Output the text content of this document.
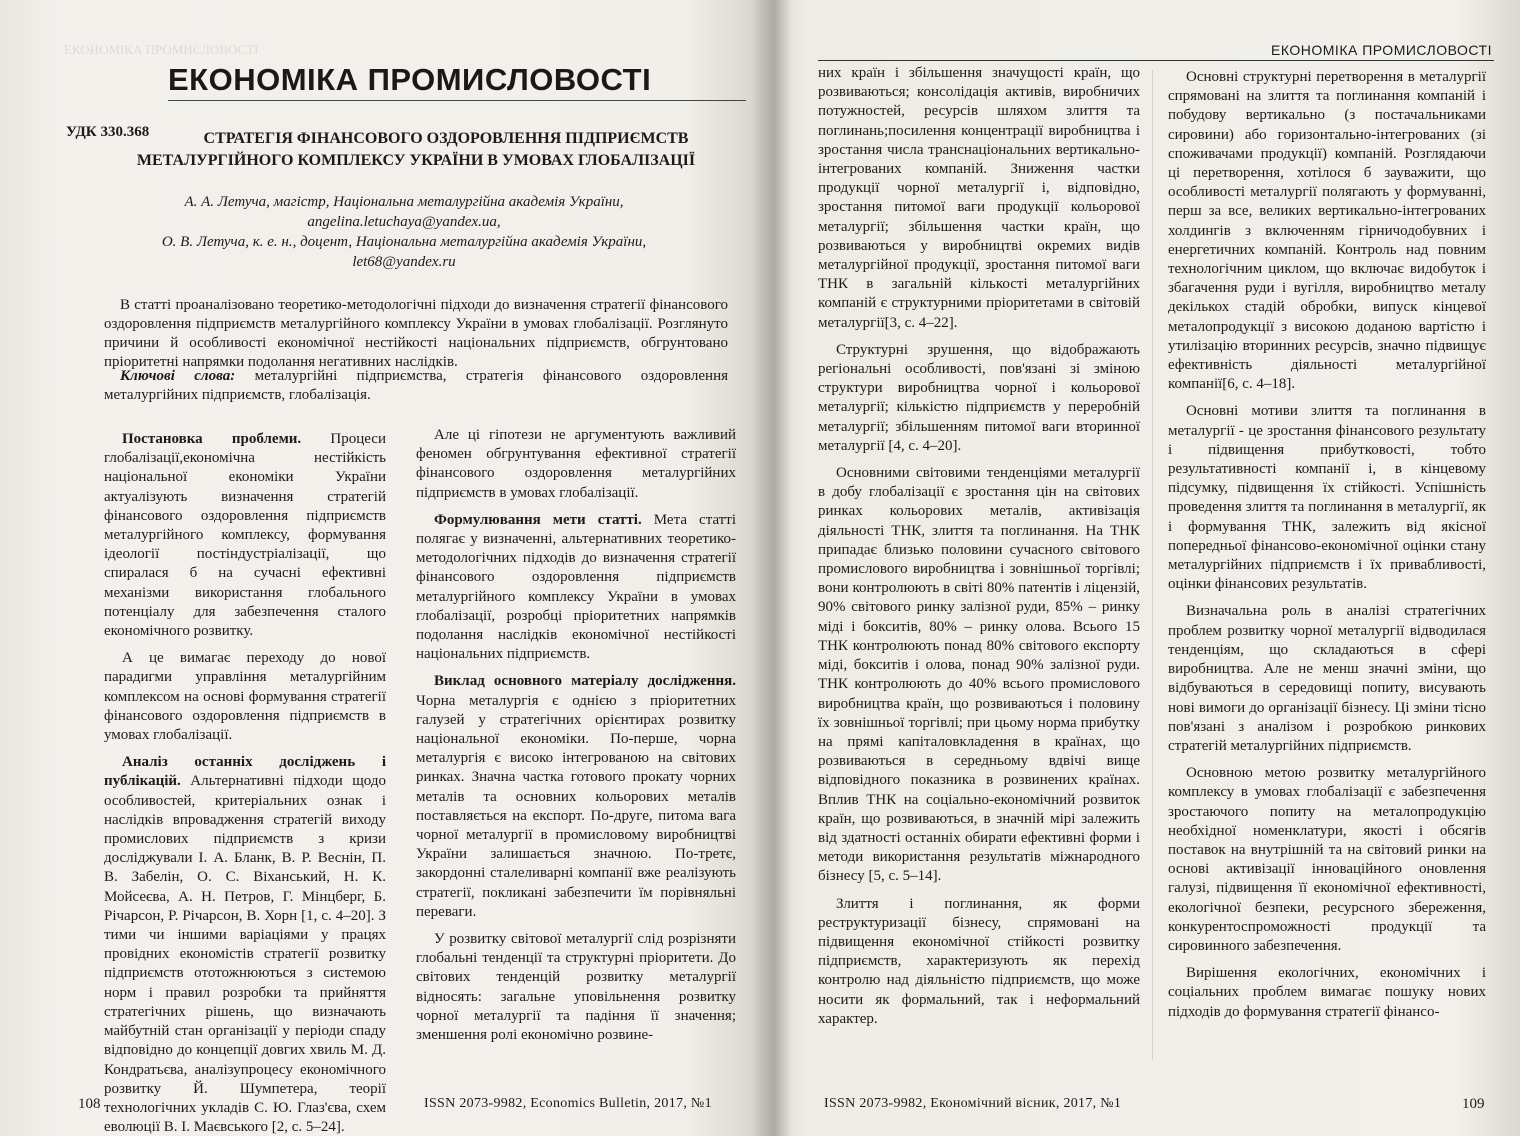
ЕКОНОМІКА ПРОМИСЛОВОСТІ
ЕКОНОМІКА ПРОМИСЛОВОСТІ
УДК 330.368	СТРАТЕГІЯ ФІНАНСОВОГО ОЗДОРОВЛЕННЯ ПІДПРИЄМСТВ
МЕТАЛУРГІЙНОГО КОМПЛЕКСУ УКРАЇНИ В УМОВАХ ГЛОБАЛІЗАЦІЇ
А. А. Летуча, магістр, Національна металургійна академія України,
angelina.letuchaya@yandex.ua,
О. В. Летуча, к. е. н., доцент, Національна металургійна академія України,
let68@yandex.ru
В статті проаналізовано теоретико-методологічні підходи до визначення стратегії фінансового оздоровлення підприємств металургійного комплексу України в умовах глобалізації. Розглянуто причини й особливості економічної нестійкості національних підприємств, обгрунтовано пріоритетні напрямки подолання негативних наслідків.
Ключові слова: металургійні підприємства, стратегія фінансового оздоровлення металургійних підприємств, глобалізація.

Постановка проблеми. Процеси глобалізації,економічна нестійкість національної економіки України актуалізують визначення стратегій фінансового оздоровлення підприємств металургійного комплексу, формування ідеології постіндустріалізації, що спиралася б на сучасні ефективні механізми використання глобального потенціалу для забезпечення сталого економічного розвитку.

А це вимагає переходу до нової парадигми управління металургійним комплексом на основі формування стратегії фінансового оздоровлення підприємств в умовах глобалізації.

Аналіз останніх досліджень і публікацій. Альтернативні підходи щодо особливостей, критеріальних ознак і наслідків впровадження стратегій виходу промислових підприємств з кризи досліджували І. А. Бланк, В. Р. Веснін, П. В. Забелін, О. С. Віханський, Н. К. Мойсеєва, А. Н. Петров, Г. Мінцберг, Б. Річарсон, Р. Річарсон, В. Хорн [1, с. 4–20]. З тими чи іншими варіаціями у працях провідних економістів стратегії розвитку підприємств ототожнюються з системою норм і правил розробки та прийняття стратегічних рішень, що визначають майбутній стан організації у періоди спаду відповідно до концепції довгих хвиль М. Д. Кондратьєва, аналізупроцесу економічного розвитку Й. Шумпетера, теорії технологічних укладів С. Ю. Глаз'єва, схем еволюції В. І. Маєвського [2, с. 5–24].

Але ці гіпотези не аргументують важливий феномен обгрунтування ефективної стратегії фінансового оздоровлення металургійних підприємств в умовах глобалізації.

Формулювання мети статті. Мета статті полягає у визначенні, альтернативних теоретико-методологічних підходів до визначення стратегії фінансового оздоровлення підприємств металургійного комплексу України в умовах глобалізації, розробці пріоритетних напрямків подолання наслідків економічної нестійкості національних підприємств.

Виклад основного матеріалу дослідження. Чорна металургія є однією з пріоритетних галузей у стратегічних орієнтирах розвитку національної економіки. По-перше, чорна металургія є високо інтегрованою на світових ринках. Значна частка готового прокату чорних металів та основних кольорових металів поставляється на експорт. По-друге, питома вага чорної металургії в промисловому виробництві України залишається значною. По-третє, закордонні сталеливарні компанії вже реалізують стратегії, покликані забезпечити їм порівняльні переваги.

У розвитку світової металургії слід розрізняти глобальні тенденції та структурні пріоритети. До світових тенденцій розвитку металургії відносять: загальне уповільнення розвитку чорної металургії та падіння її значення; зменшення ролі економічно розвине-

108	ISSN 2073-9982, Economics Bulletin, 2017, №1
ЕКОНОМІКА ПРОМИСЛОВОСТІ

них країн і збільшення значущості країн, що розвиваються; консолідація активів, виробничих потужностей, ресурсів шляхом злиття та поглинань;посилення концентрації виробництва і зростання числа транснаціональних вертикально-інтегрованих компаній. Зниження частки продукції чорної металургії і, відповідно, зростання питомої ваги продукції кольорової металургії; збільшення частки країн, що розвиваються у виробництві окремих видів металургійної продукції, зростання питомої ваги ТНК в загальній кількості металургійних компаній є структурними пріоритетами в світовій металургії[3, с. 4–22].

Структурні зрушення, що відображають регіональні особливості, пов'язані зі зміною структури виробництва чорної і кольорової металургії; кількістю підприємств у переробній металургії; збільшенням питомої ваги вторинної металургії [4, с. 4–20].

Основними світовими тенденціями металургії в добу глобалізації є зростання цін на світових ринках кольорових металів, активізація діяльності ТНК, злиття та поглинання. На ТНК припадає близько половини сучасного світового промислового виробництва і зовнішньої торгівлі; вони контролюють в світі 80% патентів і ліцензій, 90% світового ринку залізної руди, 85% – ринку міді і бокситів, 80% – ринку олова. Всього 15 ТНК контролюють понад 80% світового експорту міді, бокситів і олова, понад 90% залізної руди. ТНК контролюють до 40% всього промислового виробництва країн, що розвиваються і половину їх зовнішньої торгівлі; при цьому норма прибутку на прямі капіталовкладення в країнах, що розвиваються в середньому вдвічі вище відповідного показника в розвинених країнах. Вплив ТНК на соціально-економічний розвиток країн, що розвиваються, в значній мірі залежить від здатності останніх обирати ефективні форми і методи використання результатів міжнародного бізнесу [5, с. 5–14].

Злиття і поглинання, як форми реструктуризації бізнесу, спрямовані на підвищення економічної стійкості розвитку підприємств, характеризують як перехід контролю над діяльністю підприємств, що може носити як формальний, так і неформальний характер.

Основні структурні перетворення в металургії спрямовані на злиття та поглинання компаній і побудову вертикально (з постачальниками сировини) або горизонтально-інтегрованих (зі споживачами продукції) компаній. Розглядаючи ці перетворення, хотілося б зауважити, що особливості металургії полягають у формуванні, перш за все, великих вертикально-інтегрованих холдингів з включенням гірничодобувних і енергетичних компаній. Контроль над повним технологічним циклом, що включає видобуток і збагачення руди і вугілля, виробництво металу декількох стадій обробки, випуск кінцевої металопродукції з високою доданою вартістю і утилізацію вторинних ресурсів, значно підвищує ефективність діяльності металургійної компанії[6, с. 4–18].

Основні мотиви злиття та поглинання в металургії - це зростання фінансового результату і підвищення прибутковості, тобто результативності компанії і, в кінцевому підсумку, підвищення їх стійкості. Успішність проведення злиття та поглинання в металургії, як і формування ТНК, залежить від якісної попередньої фінансово-економічної оцінки стану металургійних підприємств і їх привабливості, оцінки фінансових результатів.

Визначальна роль в аналізі стратегічних проблем розвитку чорної металургії відводилася тенденціям, що складаються в сфері виробництва. Але не менш значні зміни, що відбуваються в середовищі попиту, висувають нові вимоги до організації бізнесу. Ці зміни тісно пов'язані з аналізом і розробкою ринкових стратегій металургійних підприємств.

Основною метою розвитку металургійного комплексу в умовах глобалізації є забезпечення зростаючого попиту на металопродукцію необхідної номенклатури, якості і обсягів поставок на внутрішній та на світовий ринки на основі активізації інноваційного оновлення галузі, підвищення її економічної ефективності, екологічної безпеки, ресурсного збереження, конкурентоспроможності продукції та сировинного забезпечення.

Вирішення екологічних, економічних і соціальних проблем вимагає пошуку нових підходів до формування стратегії фінансо-

ISSN 2073-9982, Економічний вісник, 2017, №1	109
